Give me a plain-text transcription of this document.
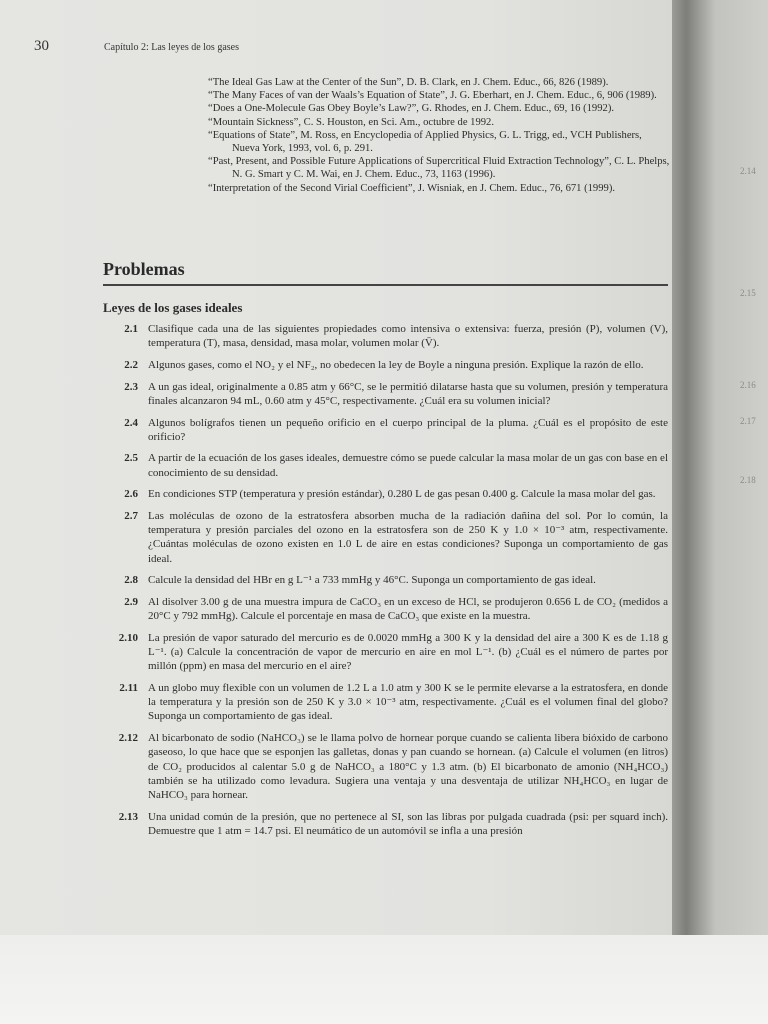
30	Capítulo 2: Las leyes de los gases

“The Ideal Gas Law at the Center of the Sun”, D. B. Clark, en J. Chem. Educ., 66, 826 (1989).

“The Many Faces of van der Waals’s Equation of State”, J. G. Eberhart, en J. Chem. Educ., 6, 906 (1989).

“Does a One-Molecule Gas Obey Boyle’s Law?”, G. Rhodes, en J. Chem. Educ., 69, 16 (1992).

“Mountain Sickness”, C. S. Houston, en Sci. Am., octubre de 1992.

“Equations of State”, M. Ross, en Encyclopedia of Applied Physics, G. L. Trigg, ed., VCH Publishers, Nueva York, 1993, vol. 6, p. 291.

“Past, Present, and Possible Future Applications of Supercritical Fluid Extraction Technology”, C. L. Phelps, N. G. Smart y C. M. Wai, en J. Chem. Educ., 73, 1163 (1996).

“Interpretation of the Second Virial Coefficient”, J. Wisniak, en J. Chem. Educ., 76, 671 (1999).

Problemas
Leyes de los gases ideales
2.1 Clasifique cada una de las siguientes propiedades como intensiva o extensiva: fuerza, presión (P), volumen (V), temperatura (T), masa, densidad, masa molar, volumen molar (V̄).
2.2 Algunos gases, como el NO₂ y el NF₂, no obedecen la ley de Boyle a ninguna presión. Explique la razón de ello.
2.3 A un gas ideal, originalmente a 0.85 atm y 66°C, se le permitió dilatarse hasta que su volumen, presión y temperatura finales alcanzaron 94 mL, 0.60 atm y 45°C, respectivamente. ¿Cuál era su volumen inicial?
2.4 Algunos bolígrafos tienen un pequeño orificio en el cuerpo principal de la pluma. ¿Cuál es el propósito de este orificio?
2.5 A partir de la ecuación de los gases ideales, demuestre cómo se puede calcular la masa molar de un gas con base en el conocimiento de su densidad.
2.6 En condiciones STP (temperatura y presión estándar), 0.280 L de gas pesan 0.400 g. Calcule la masa molar del gas.
2.7 Las moléculas de ozono de la estratosfera absorben mucha de la radiación dañina del sol. Por lo común, la temperatura y presión parciales del ozono en la estratosfera son de 250 K y 1.0 × 10⁻³ atm, respectivamente. ¿Cuántas moléculas de ozono existen en 1.0 L de aire en estas condiciones? Suponga un comportamiento de gas ideal.
2.8 Calcule la densidad del HBr en g L⁻¹ a 733 mmHg y 46°C. Suponga un comportamiento de gas ideal.
2.9 Al disolver 3.00 g de una muestra impura de CaCO₃ en un exceso de HCl, se produjeron 0.656 L de CO₂ (medidos a 20°C y 792 mmHg). Calcule el porcentaje en masa de CaCO₃ que existe en la muestra.
2.10 La presión de vapor saturado del mercurio es de 0.0020 mmHg a 300 K y la densidad del aire a 300 K es de 1.18 g L⁻¹. (a) Calcule la concentración de vapor de mercurio en aire en mol L⁻¹. (b) ¿Cuál es el número de partes por millón (ppm) en masa del mercurio en el aire?
2.11 A un globo muy flexible con un volumen de 1.2 L a 1.0 atm y 300 K se le permite elevarse a la estratosfera, en donde la temperatura y la presión son de 250 K y 3.0 × 10⁻³ atm, respectivamente. ¿Cuál es el volumen final del globo? Suponga un comportamiento de gas ideal.
2.12 Al bicarbonato de sodio (NaHCO₃) se le llama polvo de hornear porque cuando se calienta libera bióxido de carbono gaseoso, lo que hace que se esponjen las galletas, donas y pan cuando se hornean. (a) Calcule el volumen (en litros) de CO₂ producidos al calentar 5.0 g de NaHCO₃ a 180°C y 1.3 atm. (b) El bicarbonato de amonio (NH₄HCO₃) también se ha utilizado como levadura. Sugiera una ventaja y una desventaja de utilizar NH₄HCO₃ en lugar de NaHCO₃ para hornear.
2.13 Una unidad común de la presión, que no pertenece al SI, son las libras por pulgada cuadrada (psi: per squard inch). Demuestre que 1 atm = 14.7 psi. El neumático de un automóvil se infla a una presión
2.14
2.15
2.16
2.17
2.18
